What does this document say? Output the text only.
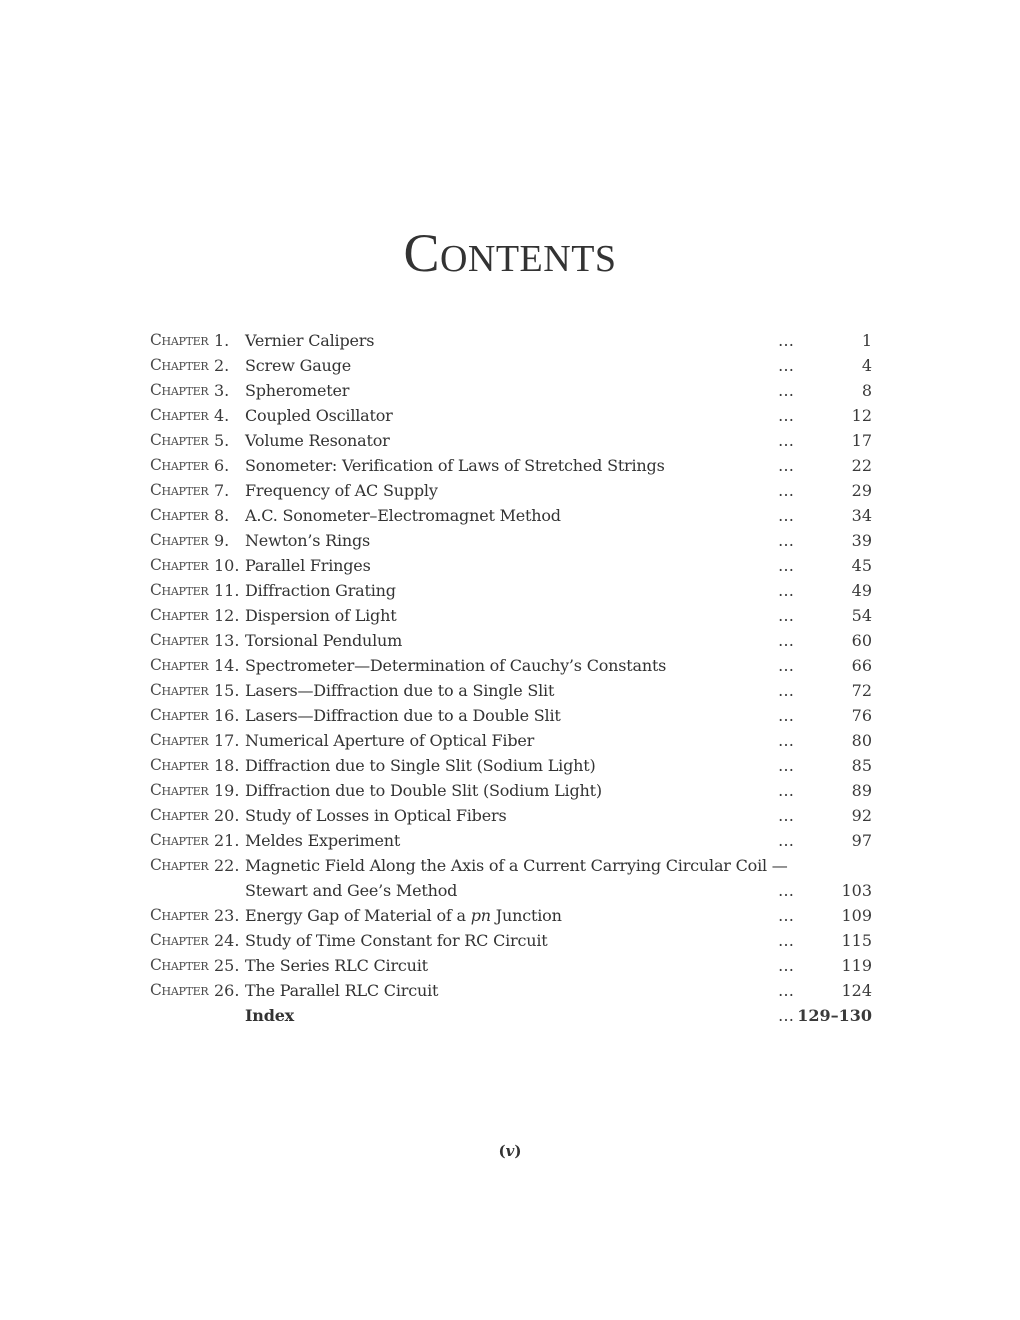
Contents
Chapter 1. Vernier Calipers	…	1
Chapter 2. Screw Gauge	…	4
Chapter 3. Spherometer	…	8
Chapter 4. Coupled Oscillator	…	12
Chapter 5. Volume Resonator	…	17
Chapter 6. Sonometer: Verification of Laws of Stretched Strings	…	22
Chapter 7. Frequency of AC Supply	…	29
Chapter 8. A.C. Sonometer–Electromagnet Method	…	34
Chapter 9. Newton’s Rings	…	39
Chapter 10. Parallel Fringes	…	45
Chapter 11. Diffraction Grating	…	49
Chapter 12. Dispersion of Light	…	54
Chapter 13. Torsional Pendulum	…	60
Chapter 14. Spectrometer—Determination of Cauchy’s Constants	…	66
Chapter 15. Lasers—Diffraction due to a Single Slit	…	72
Chapter 16. Lasers—Diffraction due to a Double Slit	…	76
Chapter 17. Numerical Aperture of Optical Fiber	…	80
Chapter 18. Diffraction due to Single Slit (Sodium Light)	…	85
Chapter 19. Diffraction due to Double Slit (Sodium Light)	…	89
Chapter 20. Study of Losses in Optical Fibers	…	92
Chapter 21. Meldes Experiment	…	97
Chapter 22. Magnetic Field Along the Axis of a Current Carrying Circular Coil —
Stewart and Gee’s Method	…	103
Chapter 23. Energy Gap of Material of a pn Junction	…	109
Chapter 24. Study of Time Constant for RC Circuit	…	115
Chapter 25. The Series RLC Circuit	…	119
Chapter 26. The Parallel RLC Circuit	…	124
Index	… 129–130
(v)
